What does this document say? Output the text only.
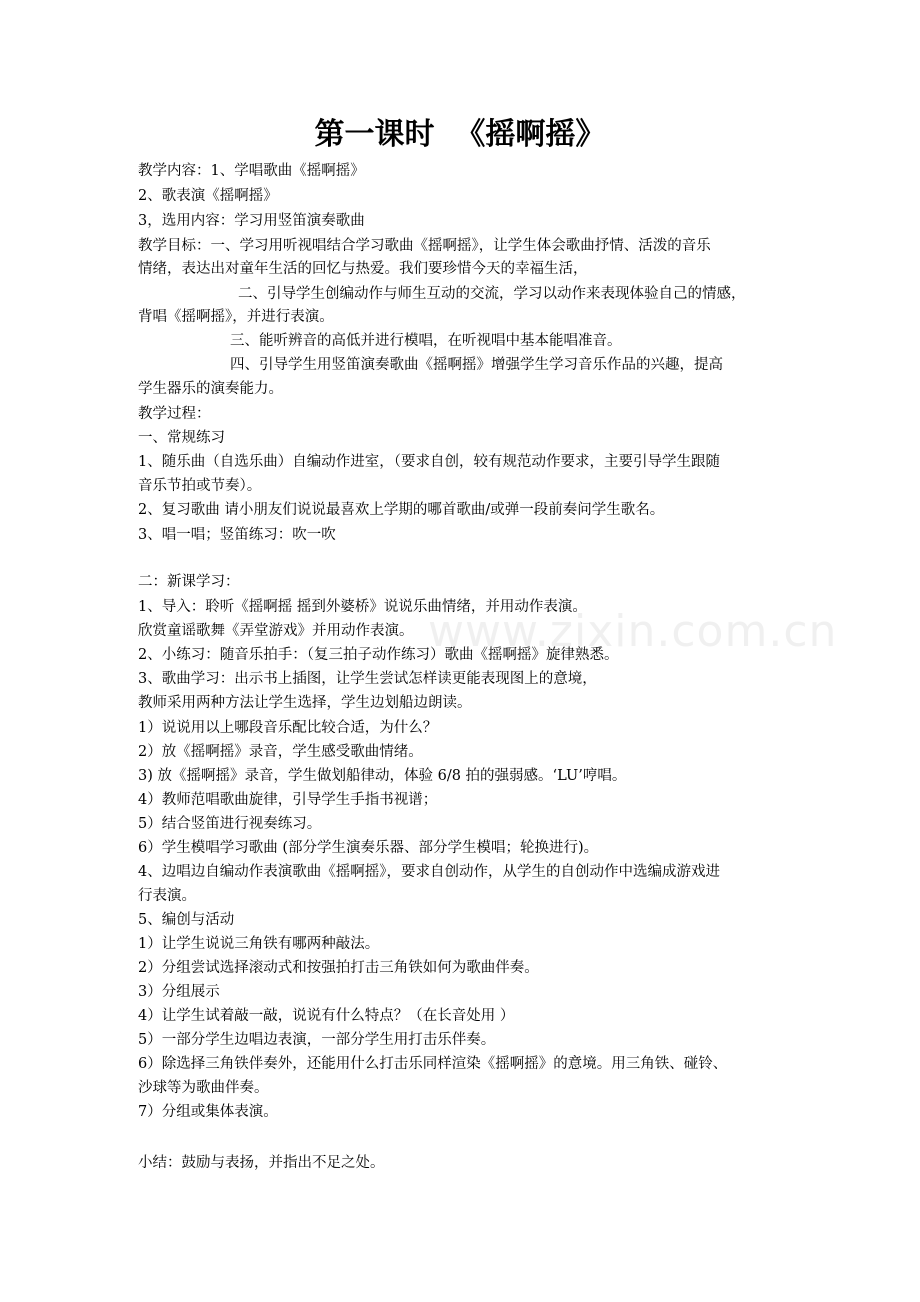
www.zixin.com.cn
第一课时  《摇啊摇》
教学内容：1、学唱歌曲《摇啊摇》
2、歌表演《摇啊摇》
3，选用内容：学习用竖笛演奏歌曲
教学目标：一、学习用听视唱结合学习歌曲《摇啊摇》，让学生体会歌曲抒情、活泼的音乐
情绪，表达出对童年生活的回忆与热爱。我们要珍惜今天的幸福生活，
二、引导学生创编动作与师生互动的交流，学习以动作来表现体验自己的情感，
背唱《摇啊摇》，并进行表演。
三、能听辨音的高低并进行模唱，在听视唱中基本能唱准音。
四、引导学生用竖笛演奏歌曲《摇啊摇》增强学生学习音乐作品的兴趣，提高
学生器乐的演奏能力。
教学过程：
一、常规练习
1、随乐曲（自选乐曲）自编动作进室，（要求自创，较有规范动作要求，主要引导学生跟随
音乐节拍或节奏）。
2、复习歌曲 请小朋友们说说最喜欢上学期的哪首歌曲/或弹一段前奏问学生歌名。
3、唱一唱；竖笛练习：吹一吹
二：新课学习：
1、导入：聆听《摇啊摇 摇到外婆桥》说说乐曲情绪，并用动作表演。
欣赏童谣歌舞《弄堂游戏》并用动作表演。
2、小练习：随音乐拍手：（复三拍子动作练习）歌曲《摇啊摇》旋律熟悉。
3、歌曲学习：出示书上插图，让学生尝试怎样读更能表现图上的意境，
教师采用两种方法让学生选择，学生边划船边朗读。
1）说说用以上哪段音乐配比较合适，为什么？
2）放《摇啊摇》录音，学生感受歌曲情绪。
3) 放《摇啊摇》录音，学生做划船律动，体验 6/8 拍的强弱感。‘LU’哼唱。
4）教师范唱歌曲旋律，引导学生手指书视谱；
5）结合竖笛进行视奏练习。
6）学生模唱学习歌曲 (部分学生演奏乐器、部分学生模唱；轮换进行)。
4、边唱边自编动作表演歌曲《摇啊摇》，要求自创动作，从学生的自创动作中选编成游戏进
行表演。
5、编创与活动
1）让学生说说三角铁有哪两种敲法。
2）分组尝试选择滚动式和按强拍打击三角铁如何为歌曲伴奏。
3）分组展示
4）让学生试着敲一敲，说说有什么特点？（在长音处用 ）
5）一部分学生边唱边表演，一部分学生用打击乐伴奏。
6）除选择三角铁伴奏外，还能用什么打击乐同样渲染《摇啊摇》的意境。用三角铁、碰铃、
沙球等为歌曲伴奏。
7）分组或集体表演。
小结：鼓励与表扬，并指出不足之处。
